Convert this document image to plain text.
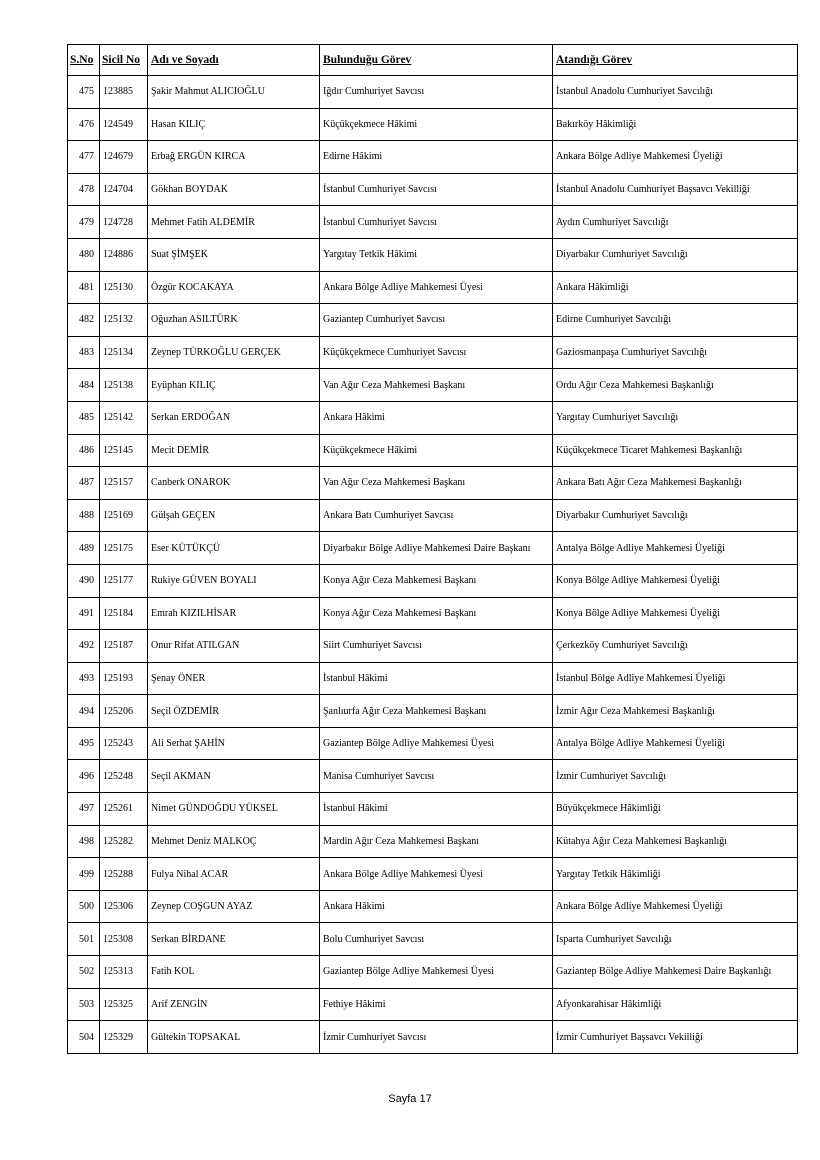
S.No	Sicil No	Adı ve Soyadı	Bulunduğu Görev	Atandığı Görev
475	123885	Şakir Mahmut ALICIOĞLU	Iğdır Cumhuriyet Savcısı	İstanbul Anadolu Cumhuriyet Savcılığı
476	124549	Hasan KILIÇ	Küçükçekmece Hâkimi	Bakırköy Hâkimliği
477	124679	Erbağ ERGÜN KIRCA	Edirne Hâkimi	Ankara Bölge Adliye Mahkemesi Üyeliği
478	124704	Gökhan BOYDAK	İstanbul Cumhuriyet Savcısı	İstanbul Anadolu Cumhuriyet Başsavcı Vekilliği
479	124728	Mehmet Fatih ALDEMİR	İstanbul Cumhuriyet Savcısı	Aydın Cumhuriyet Savcılığı
480	124886	Suat ŞİMŞEK	Yargıtay Tetkik Hâkimi	Diyarbakır Cumhuriyet Savcılığı
481	125130	Özgür KOCAKAYA	Ankara Bölge Adliye Mahkemesi Üyesi	Ankara Hâkimliği
482	125132	Oğuzhan ASILTÜRK	Gaziantep Cumhuriyet Savcısı	Edirne Cumhuriyet Savcılığı
483	125134	Zeynep TÜRKOĞLU GERÇEK	Küçükçekmece Cumhuriyet Savcısı	Gaziosmanpaşa Cumhuriyet Savcılığı
484	125138	Eyüphan KILIÇ	Van Ağır Ceza Mahkemesi Başkanı	Ordu Ağır Ceza Mahkemesi Başkanlığı
485	125142	Serkan ERDOĞAN	Ankara Hâkimi	Yargıtay Cumhuriyet Savcılığı
486	125145	Mecit DEMİR	Küçükçekmece Hâkimi	Küçükçekmece Ticaret Mahkemesi Başkanlığı
487	125157	Canberk ONAROK	Van Ağır Ceza Mahkemesi Başkanı	Ankara Batı Ağır Ceza Mahkemesi Başkanlığı
488	125169	Gülşah GEÇEN	Ankara Batı Cumhuriyet Savcısı	Diyarbakır Cumhuriyet Savcılığı
489	125175	Eser KÜTÜKÇÜ	Diyarbakır Bölge Adliye Mahkemesi Daire Başkanı	Antalya Bölge Adliye Mahkemesi Üyeliği
490	125177	Rukiye GÜVEN BOYALI	Konya Ağır Ceza Mahkemesi Başkanı	Konya Bölge Adliye Mahkemesi Üyeliği
491	125184	Emrah KIZILHİSAR	Konya Ağır Ceza Mahkemesi Başkanı	Konya Bölge Adliye Mahkemesi Üyeliği
492	125187	Onur Rifat ATILGAN	Siirt Cumhuriyet Savcısı	Çerkezköy Cumhuriyet Savcılığı
493	125193	Şenay ÖNER	İstanbul Hâkimi	İstanbul Bölge Adliye Mahkemesi Üyeliği
494	125206	Seçil ÖZDEMİR	Şanlıurfa Ağır Ceza Mahkemesi Başkanı	İzmir Ağır Ceza Mahkemesi Başkanlığı
495	125243	Ali Serhat ŞAHİN	Gaziantep Bölge Adliye Mahkemesi Üyesi	Antalya Bölge Adliye Mahkemesi Üyeliği
496	125248	Seçil AKMAN	Manisa Cumhuriyet Savcısı	İzmir Cumhuriyet Savcılığı
497	125261	Nimet GÜNDOĞDU YÜKSEL	İstanbul Hâkimi	Büyükçekmece Hâkimliği
498	125282	Mehmet Deniz MALKOÇ	Mardin Ağır Ceza Mahkemesi Başkanı	Kütahya Ağır Ceza Mahkemesi Başkanlığı
499	125288	Fulya Nihal ACAR	Ankara Bölge Adliye Mahkemesi Üyesi	Yargıtay Tetkik Hâkimliği
500	125306	Zeynep COŞGUN AYAZ	Ankara Hâkimi	Ankara Bölge Adliye Mahkemesi Üyeliği
501	125308	Serkan BİRDANE	Bolu Cumhuriyet Savcısı	Isparta Cumhuriyet Savcılığı
502	125313	Fatih KOL	Gaziantep Bölge Adliye Mahkemesi Üyesi	Gaziantep Bölge Adliye Mahkemesi Daire Başkanlığı
503	125325	Arif ZENGİN	Fethiye Hâkimi	Afyonkarahisar Hâkimliği
504	125329	Gültekin TOPSAKAL	İzmir Cumhuriyet Savcısı	İzmir Cumhuriyet Başsavcı Vekilliği
Sayfa 17
